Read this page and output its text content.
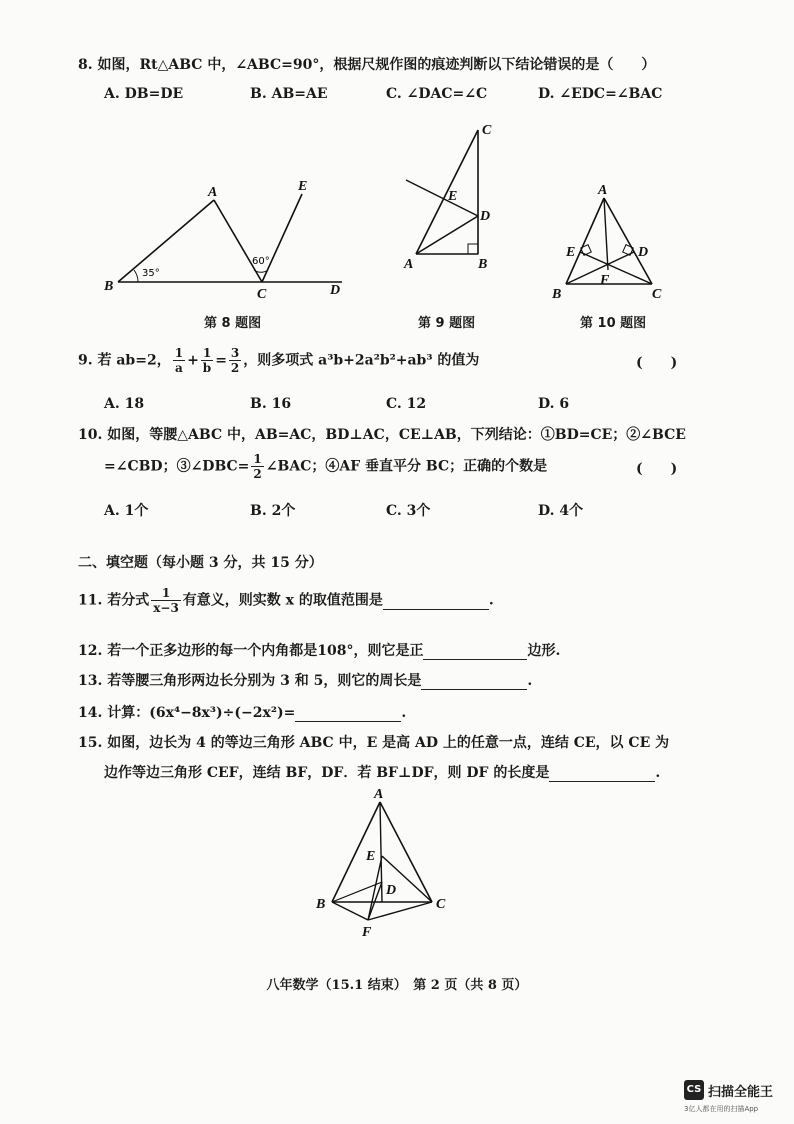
8. 如图，Rt△ABC 中，∠ABC=90°，根据尺规作图的痕迹判断以下结论错误的是（　　）
A. DB=DE	B. AB=AE	C. ∠DAC=∠C	D. ∠EDC=∠BAC
B
A
C	D
E
35°
60°
第 8 题图
C
E
D
A	B
第 9 题图
A
E	D
F
B	C
第 10 题图
9. 若 ab=2， $\frac{1}{a} + \frac{1}{b} = \frac{3}{2}$ ，则多项式 a³b+2a²b²+ab³ 的值为	(　　)
A. 18	B. 16	C. 12	D. 6
10. 如图，等腰△ABC 中，AB=AC，BD⊥AC，CE⊥AB，下列结论：①BD=CE；②∠BCE
=∠CBD；③∠DBC= $\frac{1}{2}$ ∠BAC；④AF 垂直平分 BC；正确的个数是	(　　)
A. 1个	B. 2个	C. 3个	D. 4个
二、填空题（每小题 3 分，共 15 分）
11. 若分式 $\frac{1}{x-3}$ 有意义，则实数 x 的取值范围是	.
12. 若一个正多边形的每一个内角都是108°，则它是正	边形.
13. 若等腰三角形两边长分别为 3 和 5，则它的周长是	.
14. 计算：(6x⁴−8x³)÷(−2x²)=	.
15. 如图，边长为 4 的等边三角形 ABC 中，E 是高 AD 上的任意一点，连结 CE，以 CE 为
边作等边三角形 CEF，连结 BF，DF．若 BF⊥DF，则 DF 的长度是	.
A
E
D
B	C
F
八年数学（15.1 结束）　第 2 页（共 8 页）
CS 扫描全能王
3亿人都在用的扫描App
